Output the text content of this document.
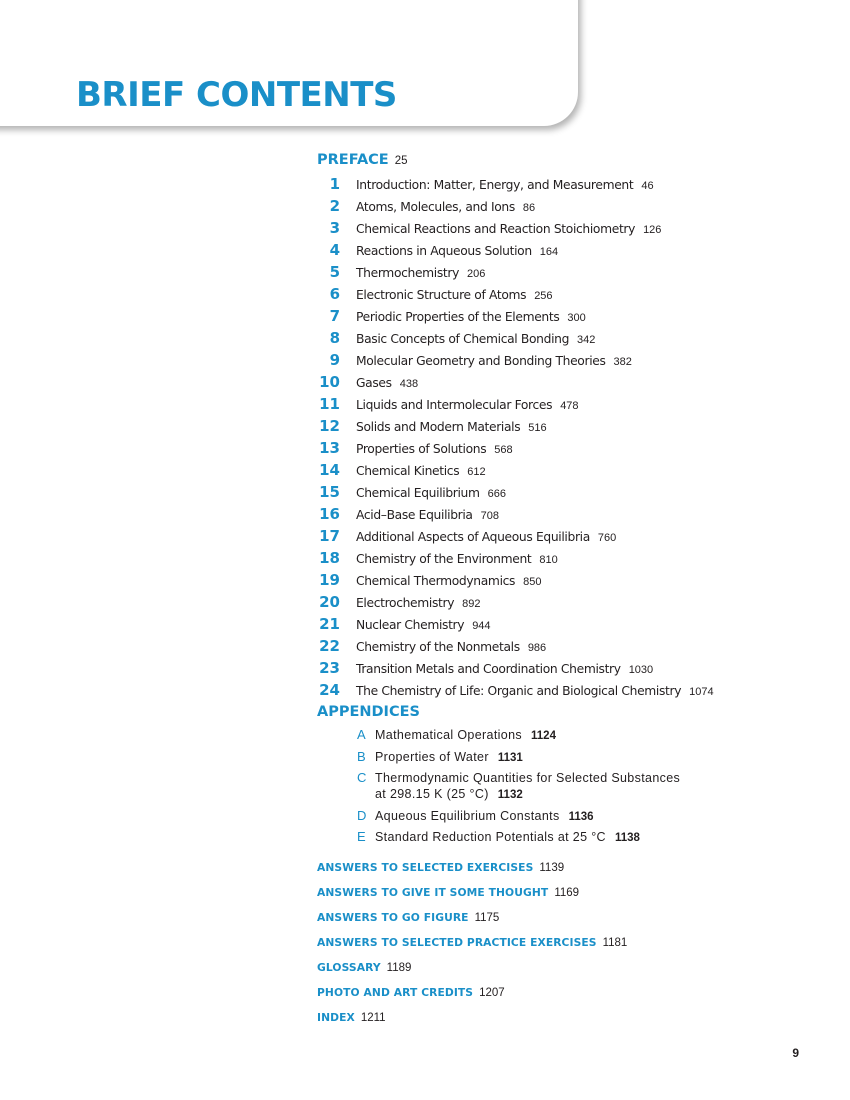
BRIEF CONTENTS
PREFACE 25
1 Introduction: Matter, Energy, and Measurement 46
2 Atoms, Molecules, and Ions 86
3 Chemical Reactions and Reaction Stoichiometry 126
4 Reactions in Aqueous Solution 164
5 Thermochemistry 206
6 Electronic Structure of Atoms 256
7 Periodic Properties of the Elements 300
8 Basic Concepts of Chemical Bonding 342
9 Molecular Geometry and Bonding Theories 382
10 Gases 438
11 Liquids and Intermolecular Forces 478
12 Solids and Modern Materials 516
13 Properties of Solutions 568
14 Chemical Kinetics 612
15 Chemical Equilibrium 666
16 Acid–Base Equilibria 708
17 Additional Aspects of Aqueous Equilibria 760
18 Chemistry of the Environment 810
19 Chemical Thermodynamics 850
20 Electrochemistry 892
21 Nuclear Chemistry 944
22 Chemistry of the Nonmetals 986
23 Transition Metals and Coordination Chemistry 1030
24 The Chemistry of Life: Organic and Biological Chemistry 1074
APPENDICES
A Mathematical Operations 1124
B Properties of Water 1131
C Thermodynamic Quantities for Selected Substances
at 298.15 K (25 °C) 1132
D Aqueous Equilibrium Constants 1136
E Standard Reduction Potentials at 25 °C 1138
ANSWERS TO SELECTED EXERCISES 1139
ANSWERS TO GIVE IT SOME THOUGHT 1169
ANSWERS TO GO FIGURE 1175
ANSWERS TO SELECTED PRACTICE EXERCISES 1181
GLOSSARY 1189
PHOTO AND ART CREDITS 1207
INDEX 1211
9
